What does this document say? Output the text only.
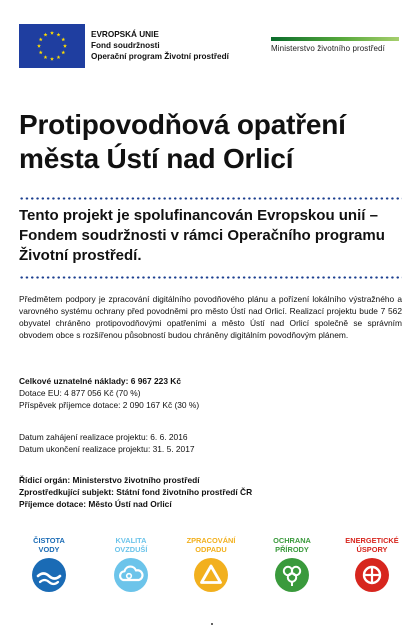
EVROPSKÁ UNIE
Fond soudržnosti
Operační program Životní prostředí
Ministerstvo životního prostředí
Protipovodňová opatření
města Ústí nad Orlicí
Tento projekt je spolufinancován Evropskou unií – Fondem soudržnosti v rámci Operačního programu Životní prostředí.

Předmětem podpory je zpracování digitálního povodňového plánu a pořízení lokálního výstražného a varovného systému ochrany před povodněmi pro město Ústí nad Orlicí. Realizací projektu bude 7 562 obyvatel chráněno protipovodňovými opatřeními a město Ústí nad Orlicí společně se správním obvodem obce s rozšířenou působností budou chráněny digitálním povodňovým plánem.

Celkové uznatelné náklady: 6 967 223 Kč
Dotace EU: 4 877 056 Kč (70 %)
Příspěvek příjemce dotace: 2 090 167 Kč (30 %)
Datum zahájení realizace projektu: 6. 6. 2016
Datum ukončení realizace projektu: 31. 5. 2017
Řídicí orgán: Ministerstvo životního prostředí
Zprostředkující subjekt: Státní fond životního prostředí ČR
Příjemce dotace: Město Ústí nad Orlicí
ČISTOTA
VODY
KVALITA
OVZDUŠÍ
ZPRACOVÁNÍ
ODPADU
OCHRANA
PŘÍRODY
ENERGETICKÉ
ÚSPORY
